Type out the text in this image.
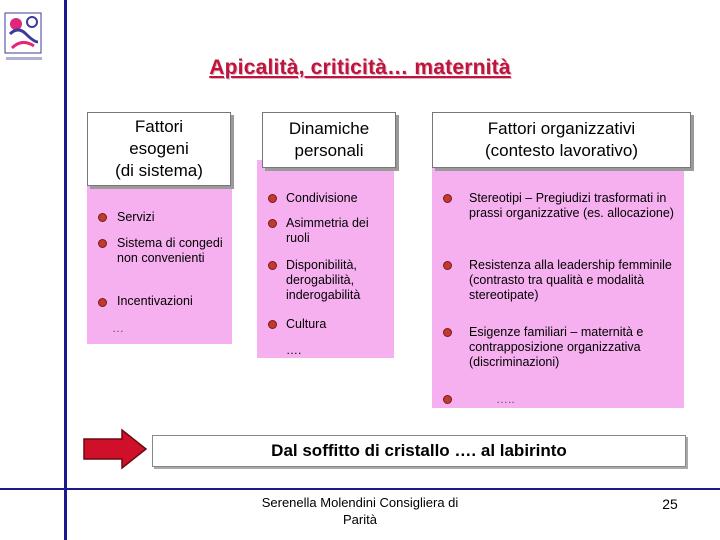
Apicalità, criticità… maternità
Fattori
esogeni
(di sistema)
Servizi
Sistema di congedi non convenienti
Incentivazioni
…
Dinamiche
personali
Condivisione
Asimmetria dei ruoli
Disponibilità, derogabilità, inderogabilità
Cultura
….
Fattori organizzativi
(contesto lavorativo)
Stereotipi – Pregiudizi trasformati in prassi organizzative (es. allocazione)
Resistenza alla leadership femminile (contrasto tra qualità e modalità stereotipate)
Esigenze familiari – maternità e contrapposizione organizzativa (discriminazioni)
…..
Dal soffitto di cristallo …. al labirinto
Serenella Molendini Consigliera di Parità
25
